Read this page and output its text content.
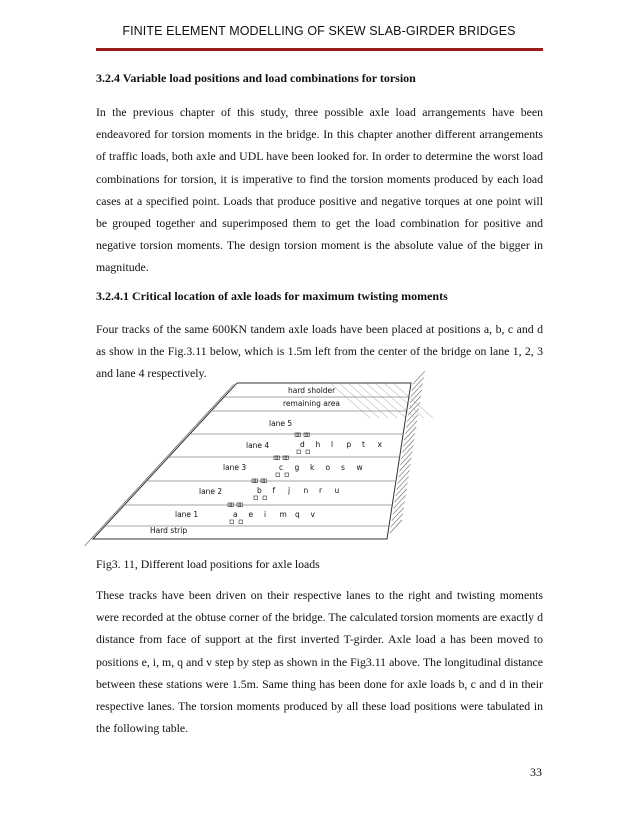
FINITE ELEMENT MODELLING OF SKEW SLAB-GIRDER BRIDGES
3.2.4 Variable load positions and load combinations for torsion

In the previous chapter of this study, three possible axle load arrangements have been endeavored for torsion moments in the bridge. In this chapter another different arrangements of traffic loads, both axle and UDL have been looked for. In order to determine the worst load combinations for torsion, it is imperative to find the torsion moments produced by each load cases at a specified point. Loads that produce positive and negative torques at one point will be grouped together and superimposed them to get the load combination for positive and negative torsion moments. The design torsion moment is the absolute value of the bigger in magnitude.

3.2.4.1 Critical location of axle loads for maximum twisting moments

Four tracks of the same 600KN tandem axle loads have been placed at positions a, b, c and d as show in the Fig.3.11 below, which is 1.5m left from the center of the bridge on lane 1, 2, 3 and lane 4 respectively.

hard sholder
remaining area
lane 5
lane 4
lane 3
lane 2
lane 1
Hard strip
d h l p t x
c g k o s w
b f j n r u
a e i m q v
Fig3. 11, Different load positions for axle loads

These tracks have been driven on their respective lanes to the right and twisting moments were recorded at the obtuse corner of the bridge. The calculated torsion moments are exactly d distance from face of support at the first inverted T-girder. Axle load a has been moved to positions e, i, m, q and v step by step as shown in the Fig3.11 above. The longitudinal distance between these stations were 1.5m. Same thing has been done for axle loads b, c and d in their respective lanes. The torsion moments produced by all these load positions were tabulated in the following table.

33
